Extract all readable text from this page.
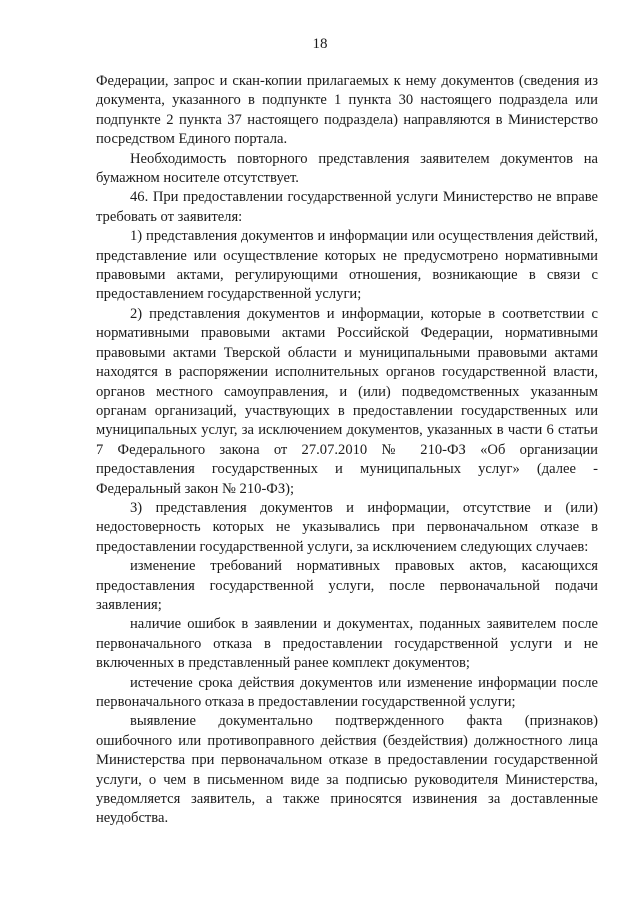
18

Федерации, запрос и скан-копии прилагаемых к нему документов (сведения из документа, указанного в подпункте 1 пункта 30 настоящего подраздела или подпункте 2 пункта 37 настоящего подраздела) направляются в Министерство посредством Единого портала.

Необходимость повторного представления заявителем документов на бумажном носителе отсутствует.

46. При предоставлении государственной услуги Министерство не вправе требовать от заявителя:

1) представления документов и информации или осуществления действий, представление или осуществление которых не предусмотрено нормативными правовыми актами, регулирующими отношения, возникающие в связи с предоставлением государственной услуги;

2) представления документов и информации, которые в соответствии с нормативными правовыми актами Российской Федерации, нормативными правовыми актами Тверской области и муниципальными правовыми актами находятся в распоряжении исполнительных органов государственной власти, органов местного самоуправления, и (или) подведомственных указанным органам организаций, участвующих в предоставлении государственных или муниципальных услуг, за исключением документов, указанных в части 6 статьи 7 Федерального закона от 27.07.2010 № 210-ФЗ «Об организации предоставления государственных и муниципальных услуг» (далее - Федеральный закон № 210-ФЗ);

3) представления документов и информации, отсутствие и (или) недостоверность которых не указывались при первоначальном отказе в предоставлении государственной услуги, за исключением следующих случаев:

изменение требований нормативных правовых актов, касающихся предоставления государственной услуги, после первоначальной подачи заявления;

наличие ошибок в заявлении и документах, поданных заявителем после первоначального отказа в предоставлении государственной услуги и не включенных в представленный ранее комплект документов;

истечение срока действия документов или изменение информации после первоначального отказа в предоставлении государственной услуги;

выявление документально подтвержденного факта (признаков) ошибочного или противоправного действия (бездействия) должностного лица Министерства при первоначальном отказе в предоставлении государственной услуги, о чем в письменном виде за подписью руководителя Министерства, уведомляется заявитель, а также приносятся извинения за доставленные неудобства.
